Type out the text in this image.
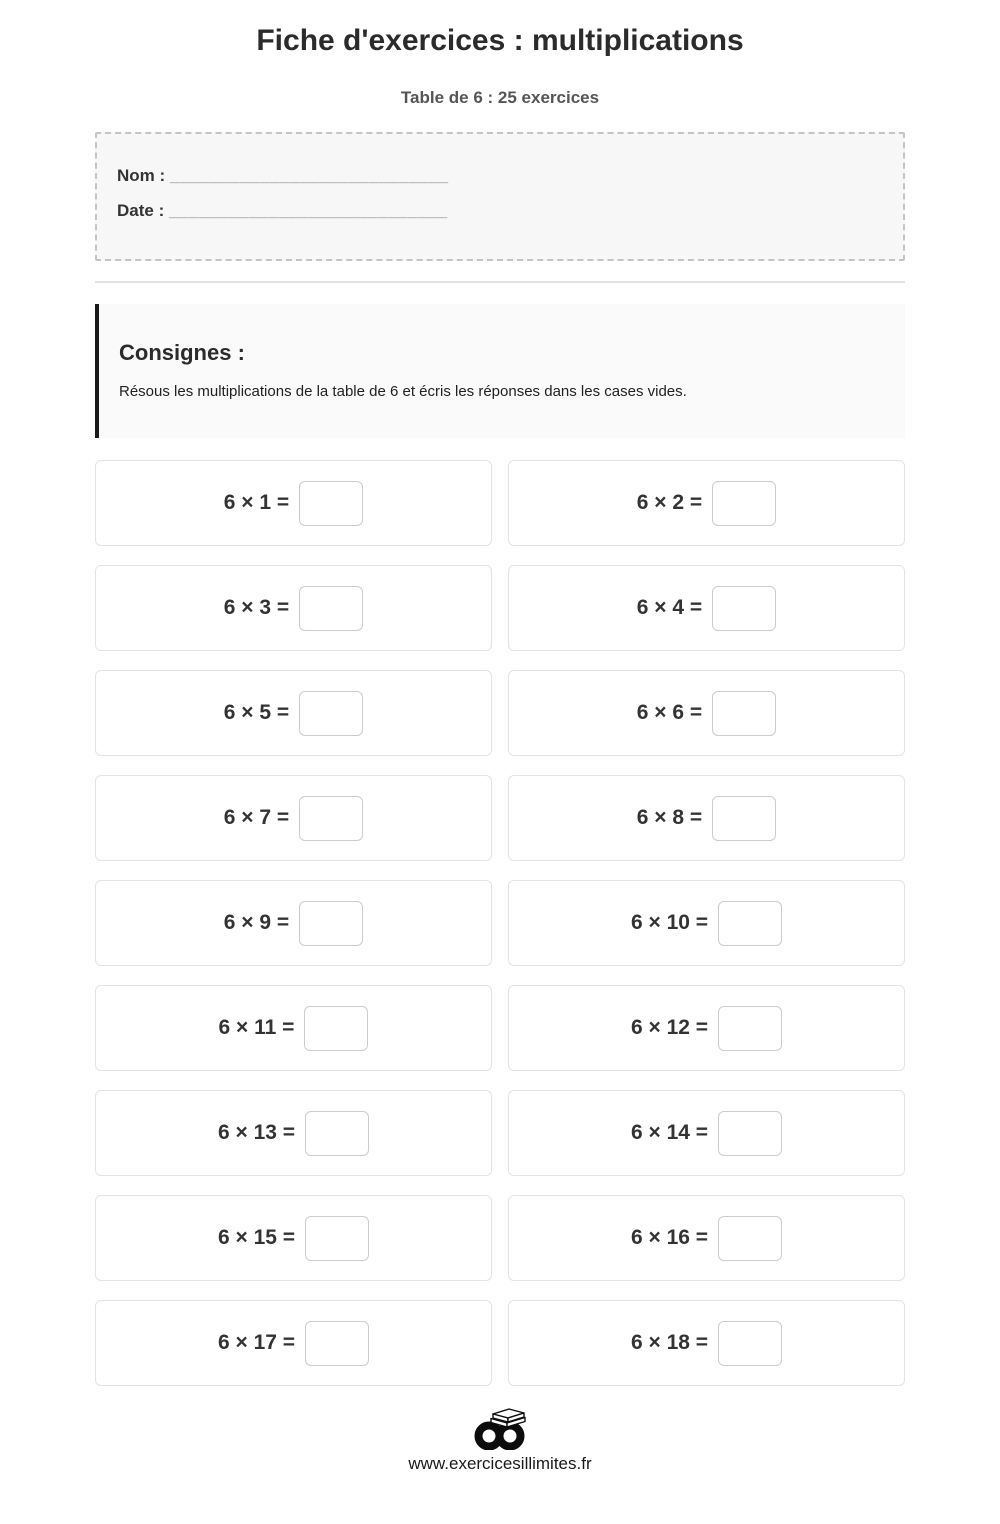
Fiche d'exercices : multiplications
Table de 6 : 25 exercices
Nom : ____________________________
Date : ____________________________
Consignes :

Résous les multiplications de la table de 6 et écris les réponses dans les cases vides.

6 × 1 =	6 × 2 =
6 × 3 =	6 × 4 =
6 × 5 =	6 × 6 =
6 × 7 =	6 × 8 =
6 × 9 =	6 × 10 =
6 × 11 =	6 × 12 =
6 × 13 =	6 × 14 =
6 × 15 =	6 × 16 =
6 × 17 =	6 × 18 =

www.exercicesillimites.fr
